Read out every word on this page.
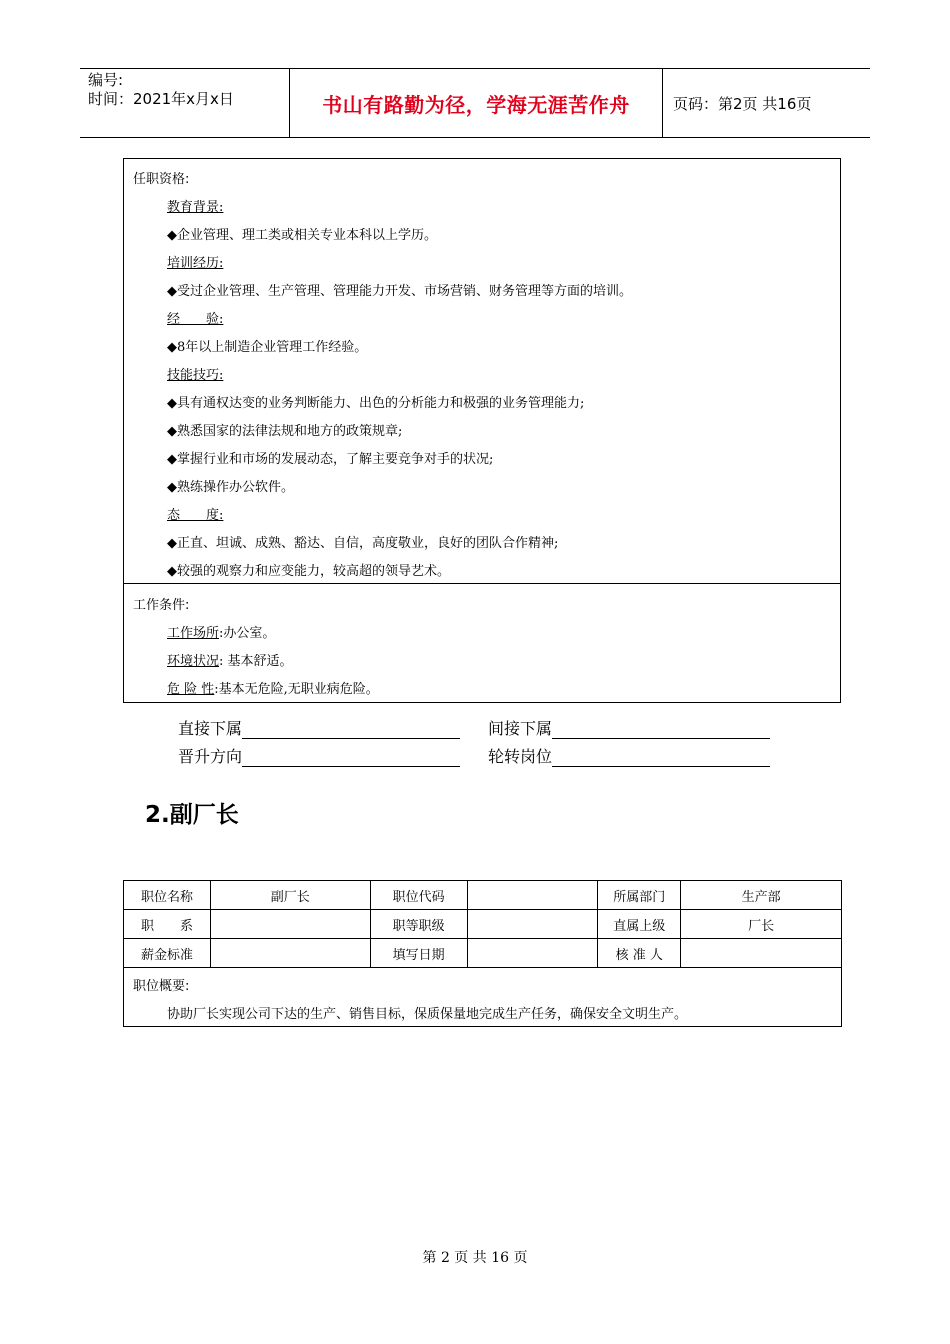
编号:
时间：2021年x月x日	书山有路勤为径，学海无涯苦作舟	页码：第2页 共16页
任职资格:
教育背景:
◆企业管理、理工类或相关专业本科以上学历。
培训经历:
◆受过企业管理、生产管理、管理能力开发、市场营销、财务管理等方面的培训。
经　　验:
◆8年以上制造企业管理工作经验。
技能技巧:
◆具有通权达变的业务判断能力、出色的分析能力和极强的业务管理能力;
◆熟悉国家的法律法规和地方的政策规章;
◆掌握行业和市场的发展动态，了解主要竞争对手的状况;
◆熟练操作办公软件。
态　　度:
◆正直、坦诚、成熟、豁达、自信，高度敬业，良好的团队合作精神;
◆较强的观察力和应变能力，较高超的领导艺术。
工作条件:
工作场所:办公室。
环境状况: 基本舒适。
危 险 性:基本无危险,无职业病危险。
直接下属	间接下属
晋升方向	轮转岗位
2.副厂长
职位名称	副厂长	职位代码		所属部门	生产部
职　　系		职等职级		直属上级	厂长
薪金标准		填写日期		核 准 人	
职位概要:
协助厂长实现公司下达的生产、销售目标，保质保量地完成生产任务，确保安全文明生产。
第 2 页 共 16 页
